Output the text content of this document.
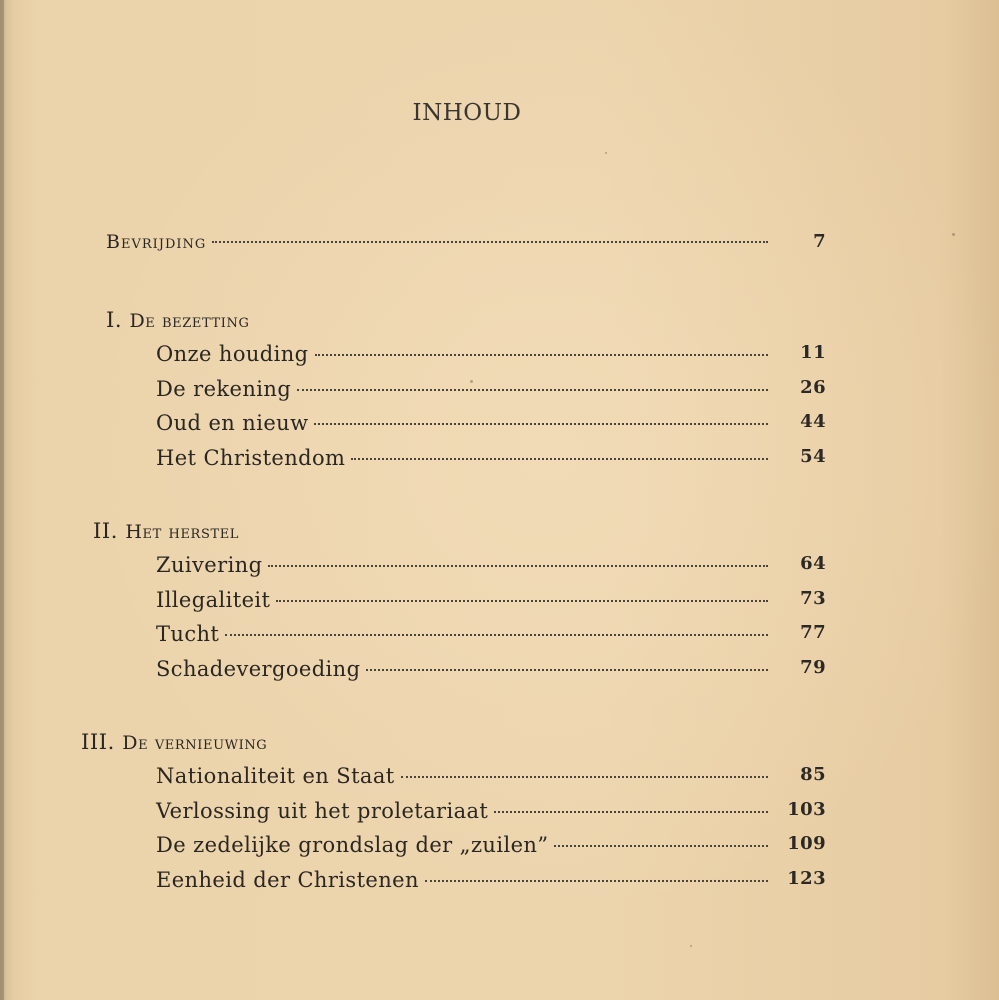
INHOUD
Bevrijding	7
I. De bezetting
Onze houding	11
De rekening	26
Oud en nieuw	44
Het Christendom	54
II. Het herstel
Zuivering	64
Illegaliteit	73
Tucht	77
Schadevergoeding	79
III. De vernieuwing
Nationaliteit en Staat	85
Verlossing uit het proletariaat	103
De zedelijke grondslag der „zuilen”	109
Eenheid der Christenen	123
